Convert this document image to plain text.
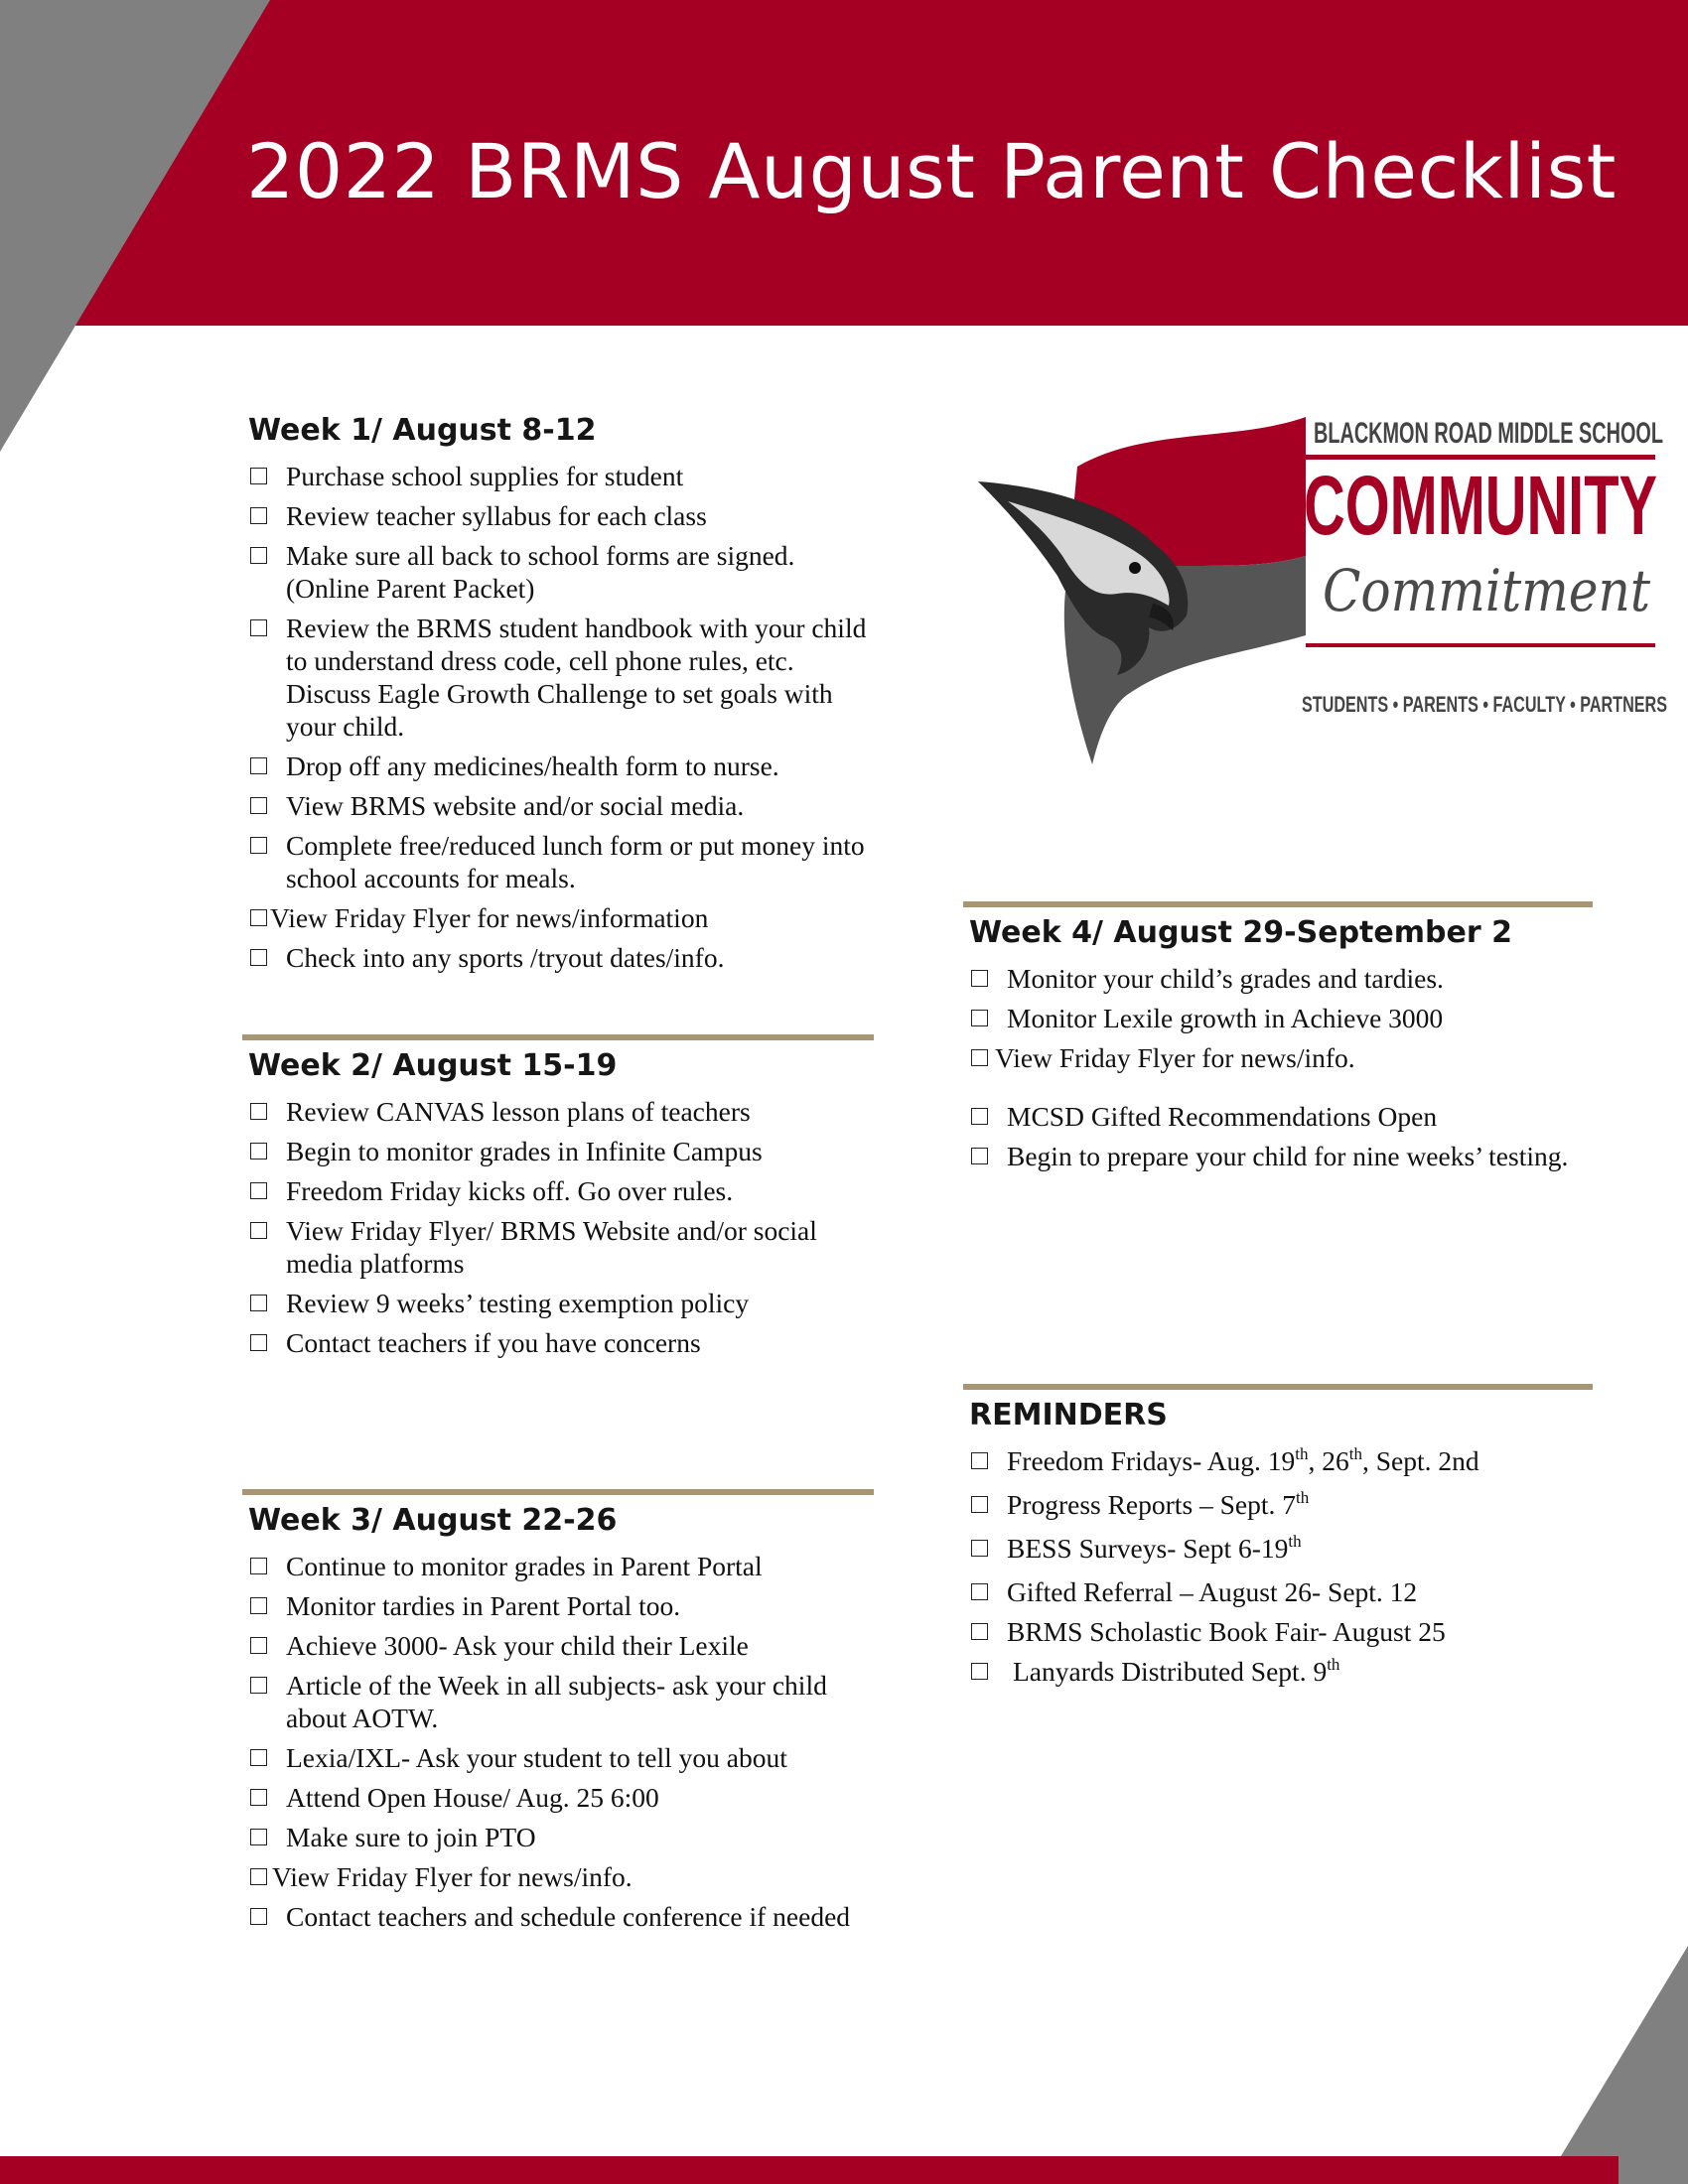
2022 BRMS August Parent Checklist
BLACKMON ROAD MIDDLE SCHOOL
COMMUNITY
Commitment
STUDENTS • PARENTS • FACULTY • PARTNERS
Week 1/ August 8-12
Purchase school supplies for student
Review teacher syllabus for each class
Make sure all back to school forms are signed. (Online Parent Packet)
Review the BRMS student handbook with your child to understand dress code, cell phone rules, etc. Discuss Eagle Growth Challenge to set goals with your child.
Drop off any medicines/health form to nurse.
View BRMS website and/or social media.
Complete free/reduced lunch form or put money into school accounts for meals.
View Friday Flyer for news/information
Check into any sports /tryout dates/info.
Week 2/ August 15-19
Review CANVAS lesson plans of teachers
Begin to monitor grades in Infinite Campus
Freedom Friday kicks off. Go over rules.
View Friday Flyer/ BRMS Website and/or social media platforms
Review 9 weeks’ testing exemption policy
Contact teachers if you have concerns
Week 3/ August 22-26
Continue to monitor grades in Parent Portal
Monitor tardies in Parent Portal too.
Achieve 3000- Ask your child their Lexile
Article of the Week in all subjects- ask your child about AOTW.
Lexia/IXL- Ask your student to tell you about
Attend Open House/ Aug. 25 6:00
Make sure to join PTO
View Friday Flyer for news/info.
Contact teachers and schedule conference if needed
Week 4/ August 29-September 2
Monitor your child’s grades and tardies.
Monitor Lexile growth in Achieve 3000
View Friday Flyer for news/info.
MCSD Gifted Recommendations Open
Begin to prepare your child for nine weeks’ testing.
REMINDERS
Freedom Fridays- Aug. 19th, 26th, Sept. 2nd
Progress Reports – Sept. 7th
BESS Surveys- Sept 6-19th
Gifted Referral – August 26- Sept. 12
BRMS Scholastic Book Fair- August 25
Lanyards Distributed Sept. 9th
